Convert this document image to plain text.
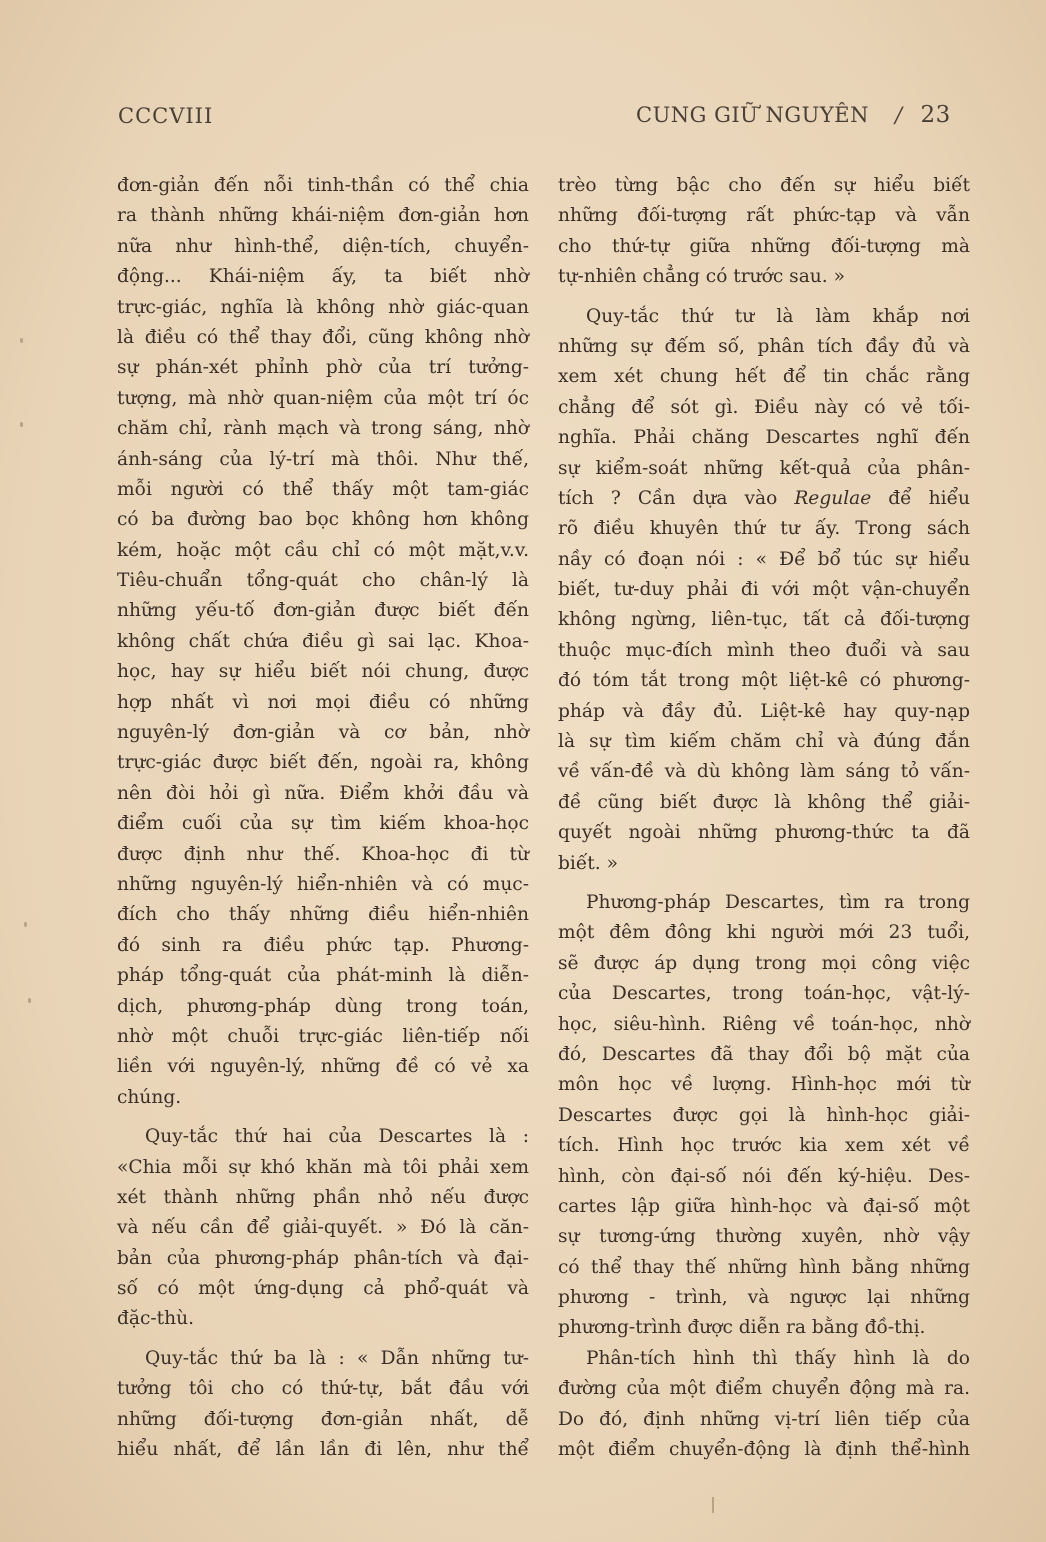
CCCVIII	CUNG GIỮ NGUYÊN / 23
đơn-giản đến nỗi tinh-thần có thể chia
ra thành những khái-niệm đơn-giản hơn
nữa như hình-thể, diện-tích, chuyển-
động... Khái-niệm ấy, ta biết nhờ
trực-giác, nghĩa là không nhờ giác-quan
là điều có thể thay đổi, cũng không nhờ
sự phán-xét phỉnh phờ của trí tưởng-
tượng, mà nhờ quan-niệm của một trí óc
chăm chỉ, rành mạch và trong sáng, nhờ
ánh-sáng của lý-trí mà thôi. Như thế,
mỗi người có thể thấy một tam-giác
có ba đường bao bọc không hơn không
kém, hoặc một cầu chỉ có một mặt,v.v.
Tiêu-chuẩn tổng-quát cho chân-lý là
những yếu-tố đơn-giản được biết đến
không chất chứa điều gì sai lạc. Khoa-
học, hay sự hiểu biết nói chung, được
hợp nhất vì nơi mọi điều có những
nguyên-lý đơn-giản và cơ bản, nhờ
trực-giác được biết đến, ngoài ra, không
nên đòi hỏi gì nữa. Điểm khởi đầu và
điểm cuối của sự tìm kiếm khoa-học
được định như thế. Khoa-học đi từ
những nguyên-lý hiển-nhiên và có mục-
đích cho thấy những điều hiển-nhiên
đó sinh ra điều phức tạp. Phương-
pháp tổng-quát của phát-minh là diễn-
dịch, phương-pháp dùng trong toán,
nhờ một chuỗi trực-giác liên-tiếp nối
liền với nguyên-lý, những đề có vẻ xa
chúng.
Quy-tắc thứ hai của Descartes là :
«Chia mỗi sự khó khăn mà tôi phải xem
xét thành những phần nhỏ nếu được
và nếu cần để giải-quyết. » Đó là căn-
bản của phương-pháp phân-tích và đại-
số có một ứng-dụng cả phổ-quát và
đặc-thù.
Quy-tắc thứ ba là : « Dẫn những tư-
tưởng tôi cho có thứ-tự, bắt đầu với
những đối-tượng đơn-giản nhất, dễ
hiểu nhất, để lần lần đi lên, như thể
trèo từng bậc cho đến sự hiểu biết
những đối-tượng rất phức-tạp và vẫn
cho thứ-tự giữa những đối-tượng mà
tự-nhiên chẳng có trước sau. »
Quy-tắc thứ tư là làm khắp nơi
những sự đếm số, phân tích đầy đủ và
xem xét chung hết để tin chắc rằng
chẳng để sót gì. Điều này có vẻ tối-
nghĩa. Phải chăng Descartes nghĩ đến
sự kiểm-soát những kết-quả của phân-
tích ? Cần dựa vào Regulae để hiểu
rõ điều khuyên thứ tư ấy. Trong sách
nầy có đoạn nói : « Để bổ túc sự hiểu
biết, tư-duy phải đi với một vận-chuyển
không ngừng, liên-tục, tất cả đối-tượng
thuộc mục-đích mình theo đuổi và sau
đó tóm tắt trong một liệt-kê có phương-
pháp và đầy đủ. Liệt-kê hay quy-nạp
là sự tìm kiếm chăm chỉ và đúng đắn
về vấn-đề và dù không làm sáng tỏ vấn-
đề cũng biết được là không thể giải-
quyết ngoài những phương-thức ta đã
biết. »
Phương-pháp Descartes, tìm ra trong
một đêm đông khi người mới 23 tuổi,
sẽ được áp dụng trong mọi công việc
của Descartes, trong toán-học, vật-lý-
học, siêu-hình. Riêng về toán-học, nhờ
đó, Descartes đã thay đổi bộ mặt của
môn học về lượng. Hình-học mới từ
Descartes được gọi là hình-học giải-
tích. Hình học trước kia xem xét về
hình, còn đại-số nói đến ký-hiệu. Des-
cartes lập giữa hình-học và đại-số một
sự tương-ứng thường xuyên, nhờ vậy
có thể thay thế những hình bằng những
phương - trình, và ngược lại những
phương-trình được diễn ra bằng đồ-thị.
Phân-tích hình thì thấy hình là do
đường của một điểm chuyển động mà ra.
Do đó, định những vị-trí liên tiếp của
một điểm chuyển-động là định thể-hình
